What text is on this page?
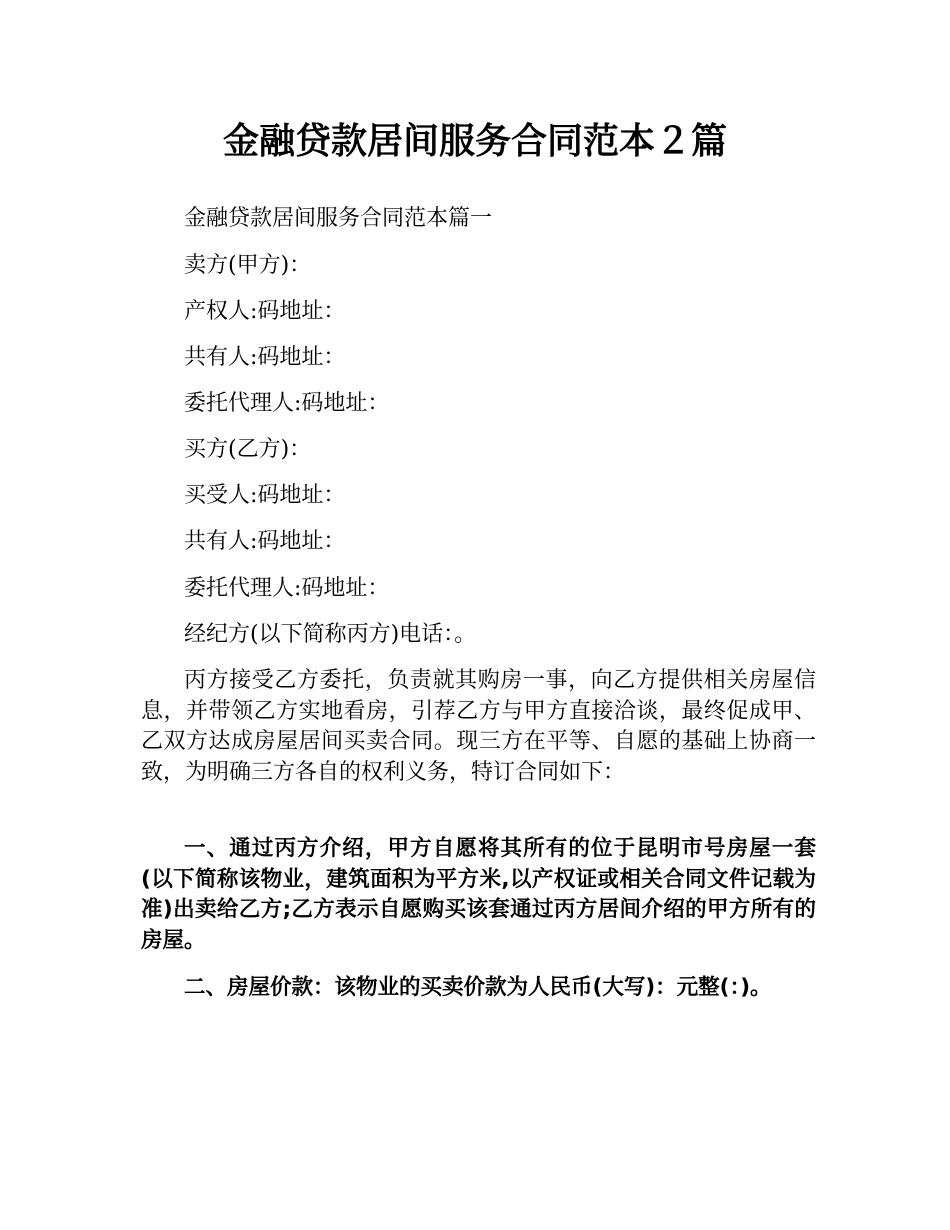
金融贷款居间服务合同范本２篇

金融贷款居间服务合同范本篇一

卖方(甲方)：

产权人:码地址：

共有人:码地址：

委托代理人:码地址：

买方(乙方)：

买受人:码地址：

共有人:码地址：

委托代理人:码地址：

经纪方(以下简称丙方)电话：。

丙方接受乙方委托，负责就其购房一事，向乙方提供相关房屋信息，并带领乙方实地看房，引荐乙方与甲方直接洽谈，最终促成甲、乙双方达成房屋居间买卖合同。现三方在平等、自愿的基础上协商一致，为明确三方各自的权利义务，特订合同如下：

一、通过丙方介绍，甲方自愿将其所有的位于昆明市号房屋一套(以下简称该物业，建筑面积为平方米,以产权证或相关合同文件记载为准)出卖给乙方;乙方表示自愿购买该套通过丙方居间介绍的甲方所有的房屋。

二、房屋价款：该物业的买卖价款为人民币(大写)：元整(：)。
